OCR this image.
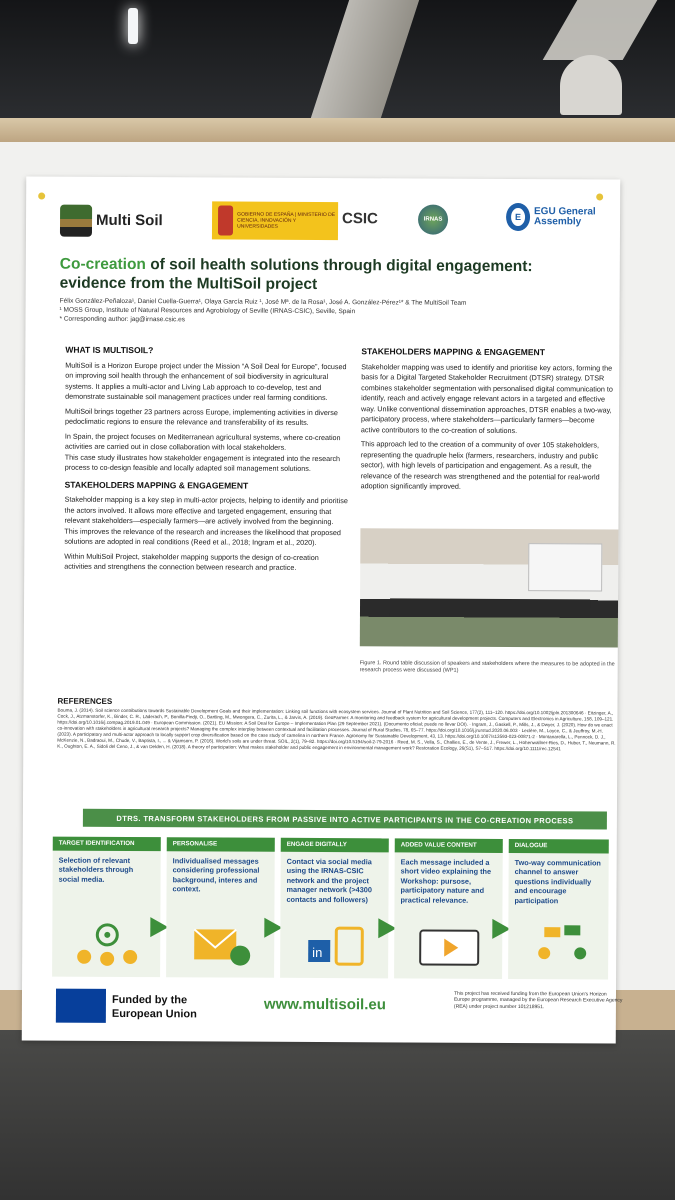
Multi Soil	GOBIERNO DE ESPAÑA | MINISTERIO DE CIENCIA, INNOVACIÓN Y UNIVERSIDADES	CSIC	IRNAS	E	EGU General Assembly
Co-creation of soil health solutions through digital engagement: evidence from the MultiSoil project
Félix González-Peñaloza¹, Daniel Cuella-Guerra¹, Olaya García Ruiz ¹, José Mª. de la Rosa¹, José A. González-Pérez¹* & The MultiSoil Team
¹ MOSS Group, Institute of Natural Resources and Agrobiology of Seville (IRNAS-CSIC), Seville, Spain
* Corresponding author: jag@irnase.csic.es
WHAT IS MULTISOIL?

MultiSoil is a Horizon Europe project under the Mission “A Soil Deal for Europe”, focused on improving soil health through the enhancement of soil biodiversity in agricultural systems. It applies a multi-actor and Living Lab approach to co-develop, test and demonstrate sustainable soil management practices under real farming conditions.

MultiSoil brings together 23 partners across Europe, implementing activities in diverse pedoclimatic regions to ensure the relevance and transferability of its results.

In Spain, the project focuses on Mediterranean agricultural systems, where co-creation activities are carried out in close collaboration with local stakeholders.

This case study illustrates how stakeholder engagement is integrated into the research process to co-design feasible and locally adapted soil management solutions.

STAKEHOLDERS MAPPING & ENGAGEMENT

Stakeholder mapping is a key step in multi-actor projects, helping to identify and prioritise the actors involved. It allows more effective and targeted engagement, ensuring that relevant stakeholders—especially farmers—are actively involved from the beginning. This improves the relevance of the research and increases the likelihood that proposed solutions are adopted in real conditions (Reed et al., 2018; Ingram et al., 2020).

Within MultiSoil Project, stakeholder mapping supports the design of co-creation activities and strengthens the connection between research and practice.

STAKEHOLDERS MAPPING & ENGAGEMENT

Stakeholder mapping was used to identify and prioritise key actors, forming the basis for a Digital Targeted Stakeholder Recruitment (DTSR) strategy. DTSR combines stakeholder segmentation with personalised digital communication to identify, reach and actively engage relevant actors in a targeted and effective way. Unlike conventional dissemination approaches, DTSR enables a two-way, participatory process, where stakeholders—particularly farmers—become active contributors to the co-creation of solutions.

This approach led to the creation of a community of over 105 stakeholders, representing the quadruple helix (farmers, researchers, industry and public sector), with high levels of participation and engagement. As a result, the relevance of the research was strengthened and the potential for real-world adoption significantly improved.

Figure 1. Round table discussion of speakers and stakeholders where the measures to be adopted in the research process were discussed (WP1)
REFERENCES
Bouma, J. (2014). Soil science contributions towards Sustainable Development Goals and their implementation: Linking soil functions with ecosystem services. Journal of Plant Nutrition and Soil Science, 177(2), 111–120. https://doi.org/10.1002/jpln.201300646 · Eitzinger, A., Cock, J., Atzmanstorfer, K., Binder, C. R., Läderach, P., Bonilla-Findji, O., Bartling, M., Mwongera, C., Zurita, L., & Jarvis, A. (2019). GeoFarmer: A monitoring and feedback system for agricultural development projects. Computers and Electronics in Agriculture, 158, 109–121. https://doi.org/10.1016/j.compag.2019.01.049 · European Commission. (2021). EU Mission: A Soil Deal for Europe – Implementation Plan (29 September 2021). (Documento oficial; puede no llevar DOI). · Ingram, J., Gaskell, P., Mills, J., & Dwyer, J. (2020). How do we enact co-innovation with stakeholders in agricultural research projects? Managing the complex interplay between contextual and facilitation processes. Journal of Rural Studies, 78, 65–77. https://doi.org/10.1016/j.jrurstud.2020.06.003 · Leclère, M., Loyce, C., & Jeuffroy, M.-H. (2023). A participatory and multi-actor approach to locally support crop diversification based on the case study of camelina in northern France. Agronomy for Sustainable Development, 43, 13. https://doi.org/10.1007/s13593-023-00871-2 · Montanarella, L., Pennock, D. J., McKenzie, N., Badraoui, M., Chude, V., Baptista, I., ... & Vijamsorn, P. (2016). World's soils are under threat. SOIL, 2(1), 79–82. https://doi.org/10.5194/soil-2-79-2016 · Reed, M. S., Vella, S., Challies, E., de Vente, J., Frewer, L., Hohenwallner-Ries, D., Huber, T., Neumann, R. K., Oughton, E. A., Sidoli del Ceno, J., & van Delden, H. (2018). A theory of participation: What makes stakeholder and public engagement in environmental management work? Restoration Ecology, 26(S1), S7–S17. https://doi.org/10.1111/rec.12541
DTRS. TRANSFORM STAKEHOLDERS FROM PASSIVE INTO ACTIVE PARTICIPANTS IN THE CO-CREATION PROCESS
TARGET IDENTIFICATION
Selection of relevant stakeholders through social media.
PERSONALISE
Individualised messages considering professional background, interes and context.
ENGAGE DIGITALLY
Contact via social media using the IRNAS-CSIC network and the project manager network (>4300 contacts and followers)
in
ADDED VALUE CONTENT
Each message included a short video explaining the Workshop: pursose, participatory nature and practical relevance.
DIALOGUE
Two-way communication channel to answer questions individually and encourage participation
Funded by the European Union
www.multisoil.eu
This project has received funding from the European Union's Horizon Europe programme, managed by the European Research Executive Agency (REA) under project number 101218951.
